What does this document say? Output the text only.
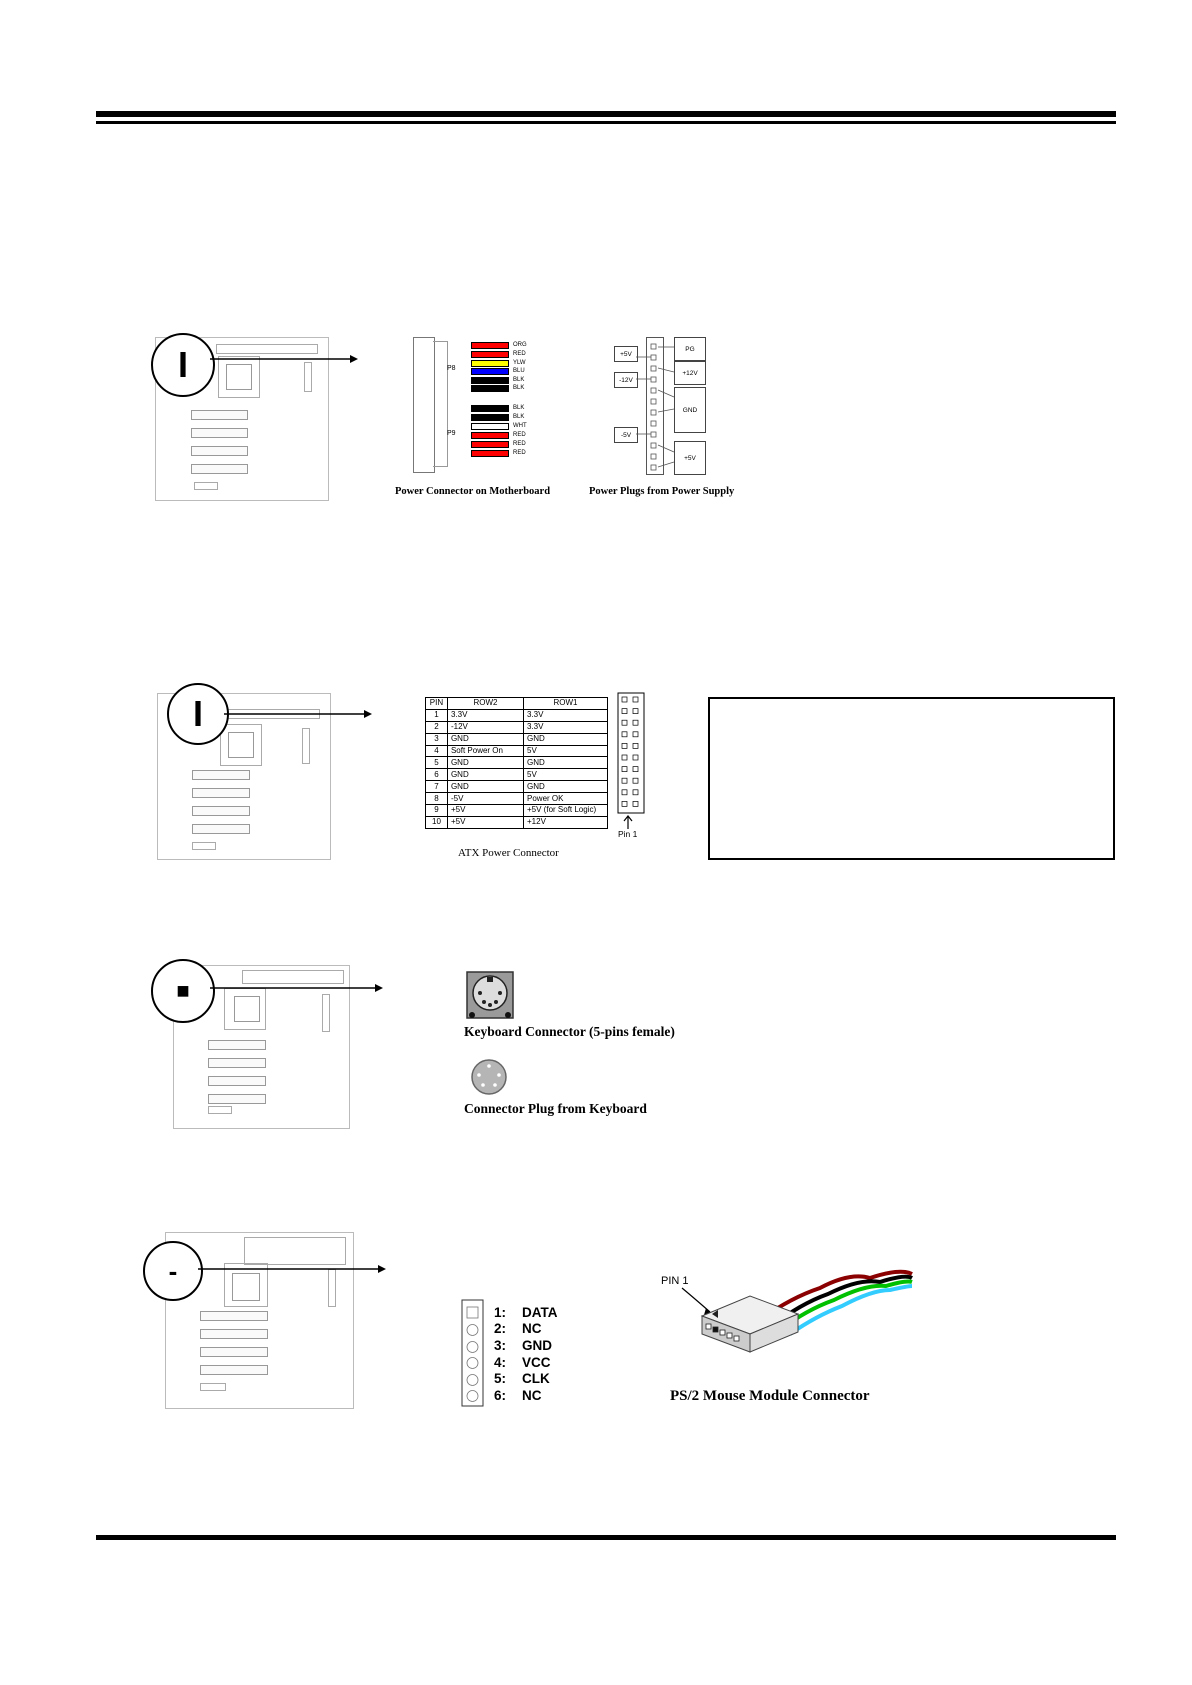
I	P8
P9
ORG
RED
YLW
BLU
BLK
BLK
BLK
BLK
WHT
RED
RED
RED
Power Connector on Motherboard
+5V
-12V
-5V
PG
+12V
GND
+5V
Power Plugs from Power Supply
I	PIN	ROW2	ROW1
1	3.3V	3.3V
2	-12V	3.3V
3	GND	GND
4	Soft Power On	5V
5	GND	GND
6	GND	5V
7	GND	GND
8	-5V	Power OK
9	+5V	+5V (for Soft Logic)
10	+5V	+12V
Pin 1
ATX Power Connector
■
Keyboard Connector (5-pins female)
Connector Plug from Keyboard
-
1:	DATA
2:	NC
3:	GND
4:	VCC
5:	CLK
6:	NC
PIN 1
PS/2 Mouse Module Connector
